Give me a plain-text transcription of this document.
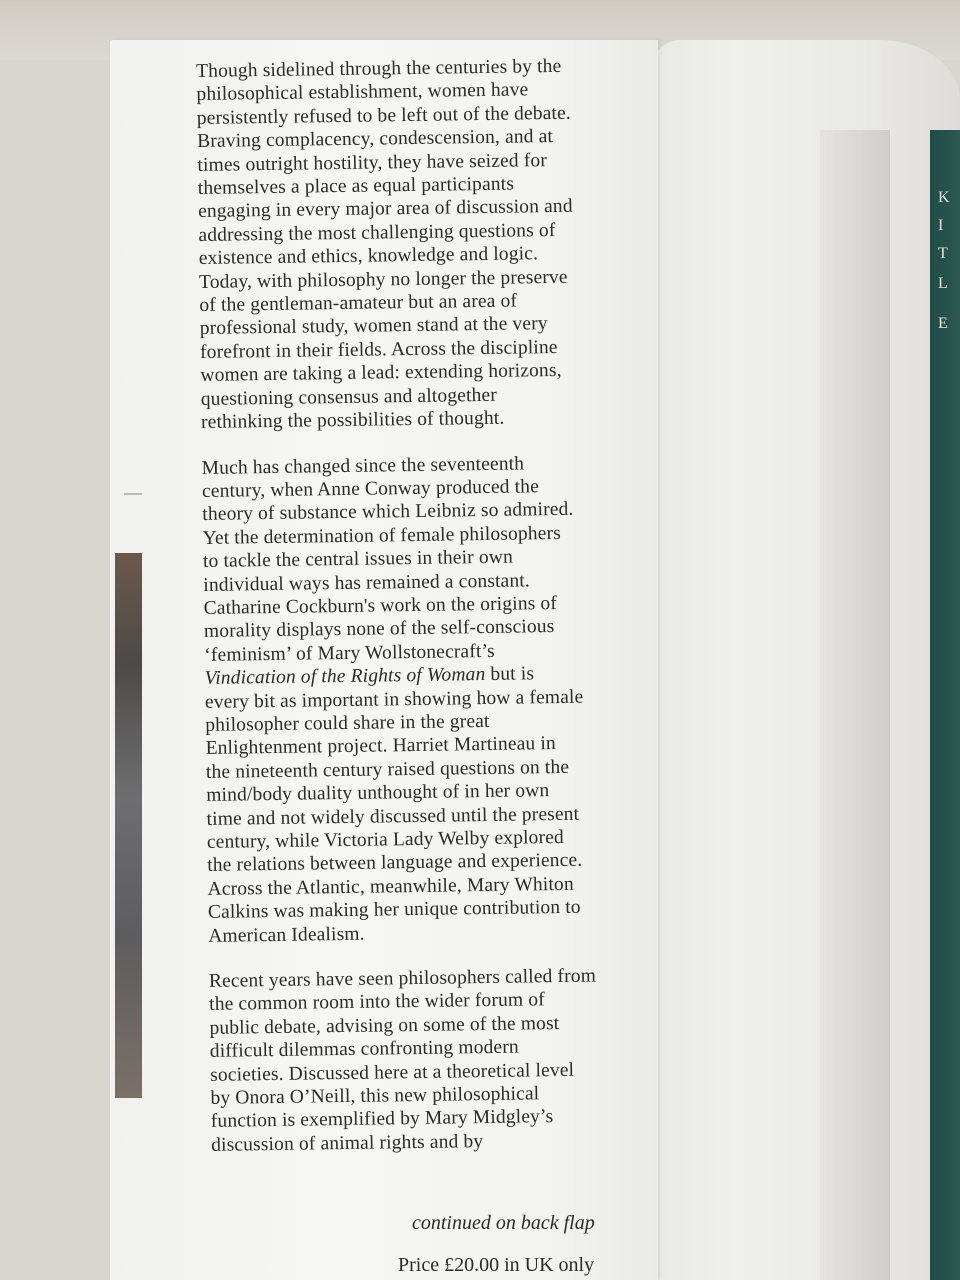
K
I
T
L
E
Though sidelined through the centuries by the
philosophical establishment, women have
persistently refused to be left out of the debate.
Braving complacency, condescension, and at
times outright hostility, they have seized for
themselves a place as equal participants
engaging in every major area of discussion and
addressing the most challenging questions of
existence and ethics, knowledge and logic.
Today, with philosophy no longer the preserve
of the gentleman-amateur but an area of
professional study, women stand at the very
forefront in their fields. Across the discipline
women are taking a lead: extending horizons,
questioning consensus and altogether
rethinking the possibilities of thought.
Much has changed since the seventeenth
century, when Anne Conway produced the
theory of substance which Leibniz so admired.
Yet the determination of female philosophers
to tackle the central issues in their own
individual ways has remained a constant.
Catharine Cockburn's work on the origins of
morality displays none of the self-conscious
‘feminism’ of Mary Wollstonecraft’s
Vindication of the Rights of Woman but is
every bit as important in showing how a female
philosopher could share in the great
Enlightenment project. Harriet Martineau in
the nineteenth century raised questions on the
mind/body duality unthought of in her own
time and not widely discussed until the present
century, while Victoria Lady Welby explored
the relations between language and experience.
Across the Atlantic, meanwhile, Mary Whiton
Calkins was making her unique contribution to
American Idealism.
Recent years have seen philosophers called from
the common room into the wider forum of
public debate, advising on some of the most
difficult dilemmas confronting modern
societies. Discussed here at a theoretical level
by Onora O’Neill, this new philosophical
function is exemplified by Mary Midgley’s
discussion of animal rights and by
continued on back flap
Price £20.00 in UK only
